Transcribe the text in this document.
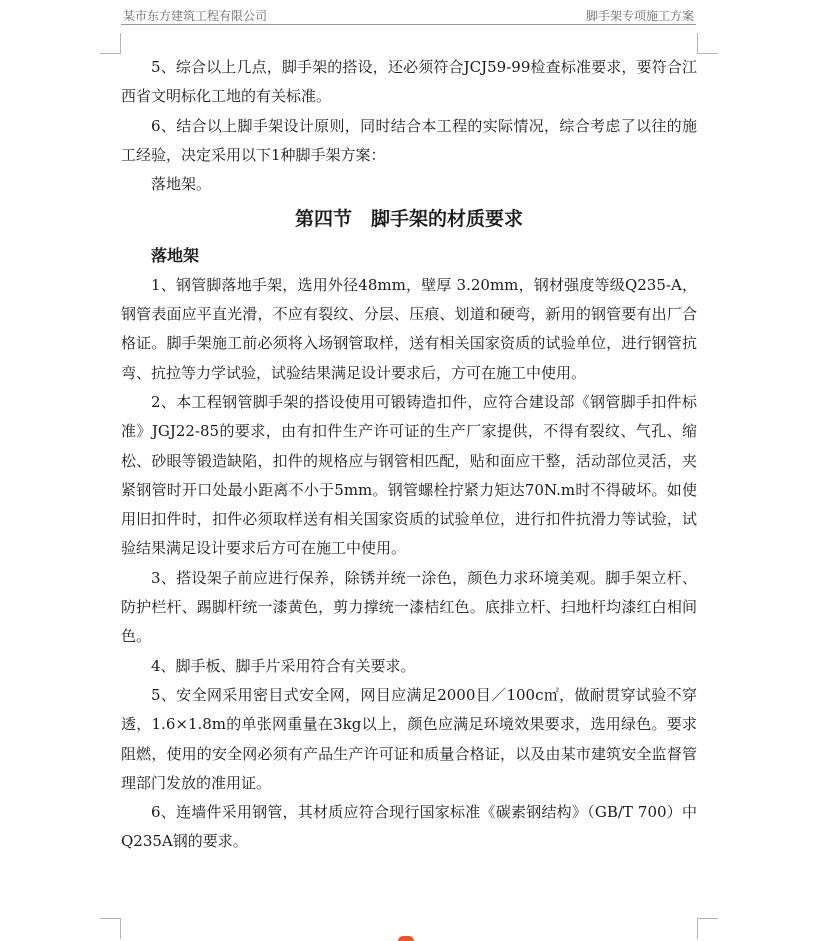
某市东方建筑工程有限公司	脚手架专项施工方案

5、综合以上几点，脚手架的搭设，还必须符合JCJ59-99检查标准要求，要符合江西省文明标化工地的有关标准。

6、结合以上脚手架设计原则，同时结合本工程的实际情况，综合考虑了以往的施工经验，决定采用以下1种脚手架方案：

落地架。

第四节　脚手架的材质要求

落地架

1、钢管脚落地手架，选用外径48mm，壁厚 3.20mm，钢材强度等级Q235-A，钢管表面应平直光滑，不应有裂纹、分层、压痕、划道和硬弯，新用的钢管要有出厂合格证。脚手架施工前必须将入场钢管取样，送有相关国家资质的试验单位，进行钢管抗弯、抗拉等力学试验，试验结果满足设计要求后，方可在施工中使用。

2、本工程钢管脚手架的搭设使用可锻铸造扣件，应符合建设部《钢管脚手扣件标准》JGJ22-85的要求，由有扣件生产许可证的生产厂家提供，不得有裂纹、气孔、缩松、砂眼等锻造缺陷，扣件的规格应与钢管相匹配，贴和面应干整，活动部位灵活，夹紧钢管时开口处最小距离不小于5mm。钢管螺栓拧紧力矩达70N.m时不得破坏。如使用旧扣件时，扣件必须取样送有相关国家资质的试验单位，进行扣件抗滑力等试验，试验结果满足设计要求后方可在施工中使用。

3、搭设架子前应进行保养，除锈并统一涂色，颜色力求环境美观。脚手架立杆、防护栏杆、踢脚杆统一漆黄色，剪力撑统一漆桔红色。底排立杆、扫地杆均漆红白相间 色。

4、脚手板、脚手片采用符合有关要求。

5、安全网采用密目式安全网，网目应满足2000目／100c㎡，做耐贯穿试验不穿透，1.6×1.8m的单张网重量在3kg以上，颜色应满足环境效果要求，选用绿色。要求阻燃，使用的安全网必须有产品生产许可证和质量合格证，以及由某市建筑安全监督管理部门发放的准用证。

6、连墙件采用钢管，其材质应符合现行国家标准《碳素钢结构》（GB/T 700）中Q235A钢的要求。
